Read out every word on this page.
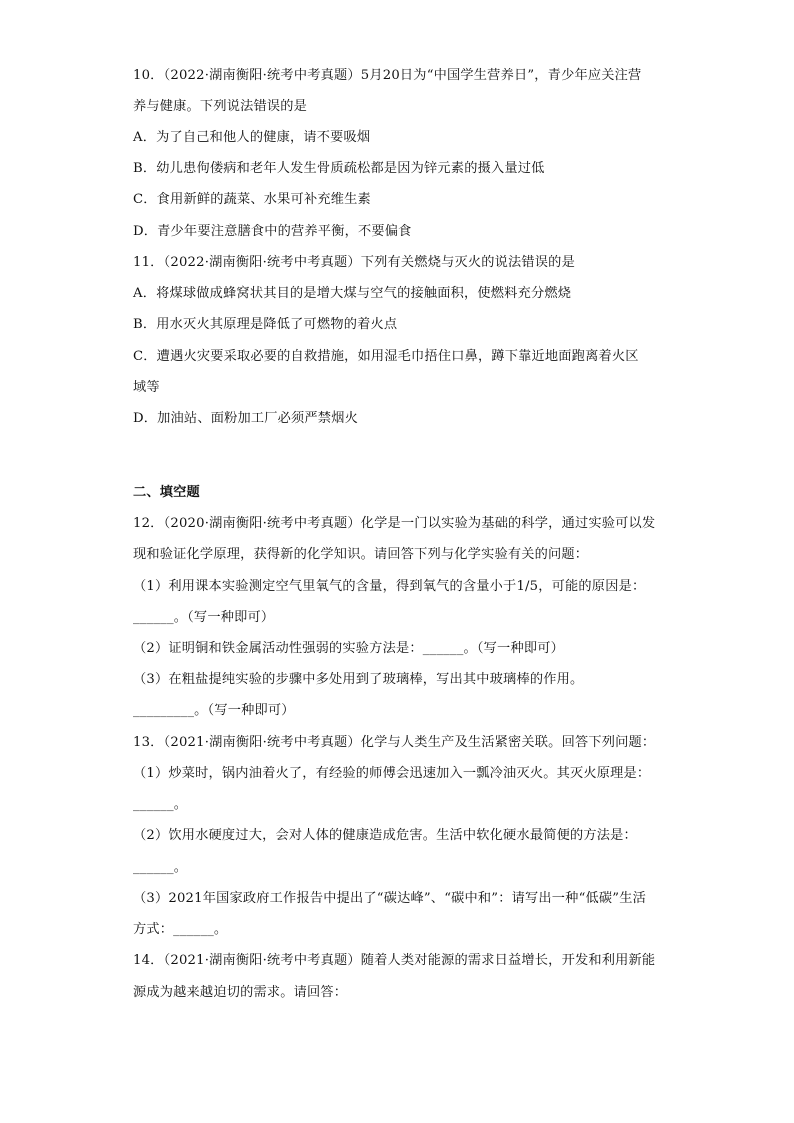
10．（2022·湖南衡阳·统考中考真题）5月20日为“中国学生营养日”，青少年应关注营
养与健康。下列说法错误的是
A．为了自己和他人的健康，请不要吸烟
B．幼儿患佝偻病和老年人发生骨质疏松都是因为锌元素的摄入量过低
C．食用新鲜的蔬菜、水果可补充维生素
D．青少年要注意膳食中的营养平衡，不要偏食
11．（2022·湖南衡阳·统考中考真题）下列有关燃烧与灭火的说法错误的是
A．将煤球做成蜂窝状其目的是增大煤与空气的接触面积，使燃料充分燃烧
B．用水灭火其原理是降低了可燃物的着火点
C．遭遇火灾要采取必要的自救措施，如用湿毛巾捂住口鼻，蹲下靠近地面跑离着火区
域等
D．加油站、面粉加工厂必须严禁烟火
二、填空题
12．（2020·湖南衡阳·统考中考真题）化学是一门以实验为基础的科学，通过实验可以发
现和验证化学原理，获得新的化学知识。请回答下列与化学实验有关的问题：
（1）利用课本实验测定空气里氧气的含量，得到氧气的含量小于1/5，可能的原因是：
______。（写一种即可）
（2）证明铜和铁金属活动性强弱的实验方法是：______。（写一种即可）
（3）在粗盐提纯实验的步骤中多处用到了玻璃棒，写出其中玻璃棒的作用。
_________。（写一种即可）
13．（2021·湖南衡阳·统考中考真题）化学与人类生产及生活紧密关联。回答下列问题：
（1）炒菜时，锅内油着火了，有经验的师傅会迅速加入一瓢冷油灭火。其灭火原理是：
______。
（2）饮用水硬度过大，会对人体的健康造成危害。生活中软化硬水最简便的方法是：
______。
（3）2021年国家政府工作报告中提出了“碳达峰”、“碳中和”：请写出一种“低碳”生活
方式：______。
14．（2021·湖南衡阳·统考中考真题）随着人类对能源的需求日益增长，开发和利用新能
源成为越来越迫切的需求。请回答：
